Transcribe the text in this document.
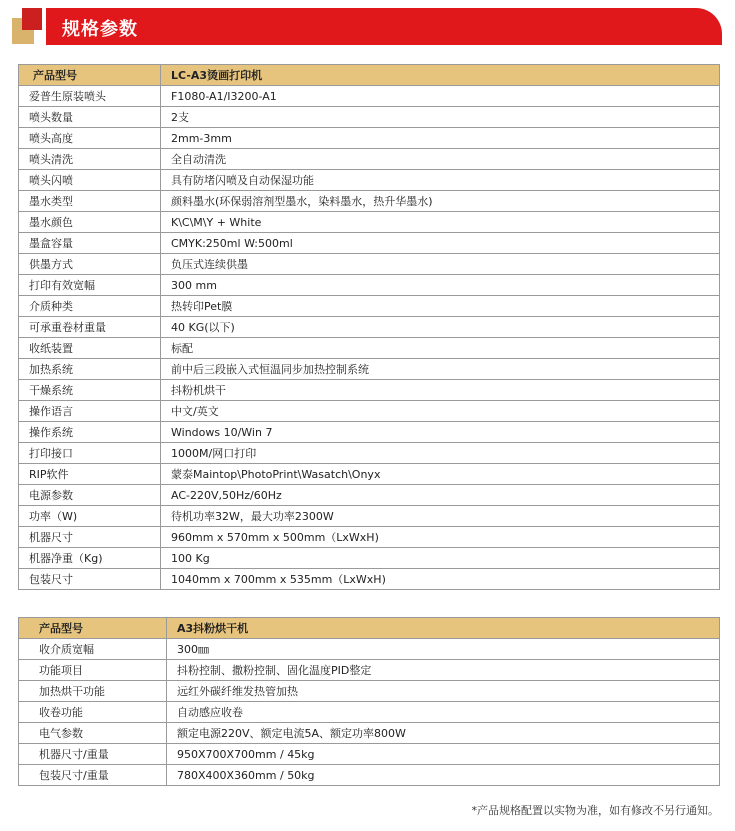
规格参数
产品型号	LC-A3烫画打印机
爱普生原装喷头	F1080-A1/I3200-A1
喷头数量	2支
喷头高度	2mm-3mm
喷头清洗	全自动清洗
喷头闪喷	具有防堵闪喷及自动保湿功能
墨水类型	颜料墨水(环保弱溶剂型墨水，染料墨水，热升华墨水)
墨水颜色	K\C\M\Y + White
墨盒容量	CMYK:250ml W:500ml
供墨方式	负压式连续供墨
打印有效宽幅	300 mm
介质种类	热转印Pet膜
可承重卷材重量	40 KG(以下)
收纸装置	标配
加热系统	前中后三段嵌入式恒温同步加热控制系统
干燥系统	抖粉机烘干
操作语言	中文/英文
操作系统	Windows 10/Win 7
打印接口	1000M/网口打印
RIP软件	蒙泰Maintop\PhotoPrint\Wasatch\Onyx
电源参数	AC-220V,50Hz/60Hz
功率（W)	待机功率32W，最大功率2300W
机器尺寸	960mm x 570mm x 500mm（LxWxH)
机器净重（Kg)	100 Kg
包装尺寸	1040mm x 700mm x 535mm（LxWxH)
产品型号	A3抖粉烘干机
收介质宽幅	300㎜
功能项目	抖粉控制、撒粉控制、固化温度PID整定
加热烘干功能	远红外碳纤维发热管加热
收卷功能	自动感应收卷
电气参数	额定电源220V、额定电流5A、额定功率800W
机器尺寸/重量	950X700X700mm / 45kg
包装尺寸/重量	780X400X360mm / 50kg
*产品规格配置以实物为准，如有修改不另行通知。
